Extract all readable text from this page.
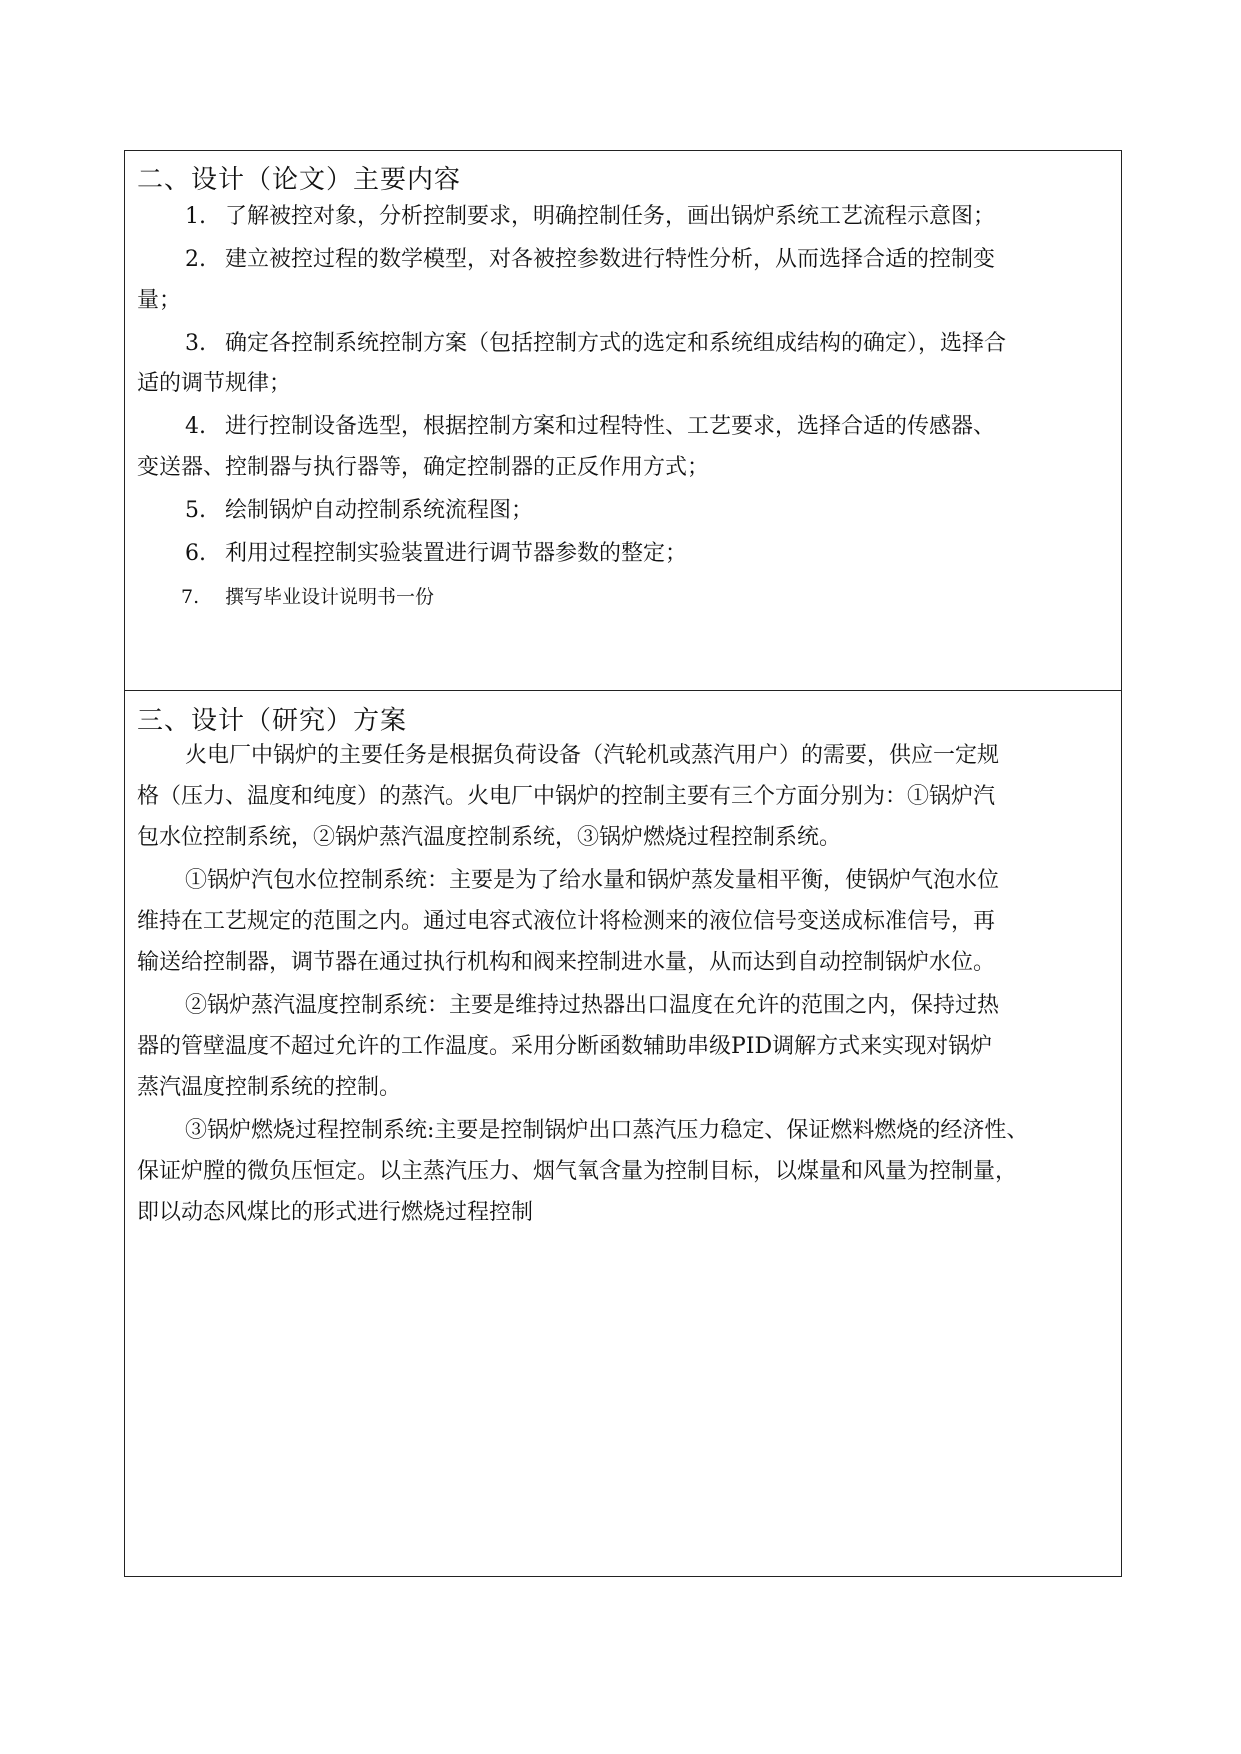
二、设计（论文）主要内容
1. 了解被控对象，分析控制要求，明确控制任务，画出锅炉系统工艺流程示意图；
2. 建立被控过程的数学模型，对各被控参数进行特性分析，从而选择合适的控制变
量；
3. 确定各控制系统控制方案（包括控制方式的选定和系统组成结构的确定），选择合
适的调节规律；
4. 进行控制设备选型，根据控制方案和过程特性、工艺要求，选择合适的传感器、
变送器、控制器与执行器等，确定控制器的正反作用方式；
5. 绘制锅炉自动控制系统流程图；
6. 利用过程控制实验装置进行调节器参数的整定；
7. 撰写毕业设计说明书一份
三、设计（研究）方案
火电厂中锅炉的主要任务是根据负荷设备（汽轮机或蒸汽用户）的需要，供应一定规
格（压力、温度和纯度）的蒸汽。火电厂中锅炉的控制主要有三个方面分别为：①锅炉汽
包水位控制系统，②锅炉蒸汽温度控制系统，③锅炉燃烧过程控制系统。
①锅炉汽包水位控制系统：主要是为了给水量和锅炉蒸发量相平衡，使锅炉气泡水位
维持在工艺规定的范围之内。通过电容式液位计将检测来的液位信号变送成标准信号，再
输送给控制器，调节器在通过执行机构和阀来控制进水量，从而达到自动控制锅炉水位。
②锅炉蒸汽温度控制系统：主要是维持过热器出口温度在允许的范围之内，保持过热
器的管壁温度不超过允许的工作温度。采用分断函数辅助串级PID调解方式来实现对锅炉
蒸汽温度控制系统的控制。
③锅炉燃烧过程控制系统:主要是控制锅炉出口蒸汽压力稳定、保证燃料燃烧的经济性、
保证炉膛的微负压恒定。以主蒸汽压力、烟气氧含量为控制目标，以煤量和风量为控制量，
即以动态风煤比的形式进行燃烧过程控制
